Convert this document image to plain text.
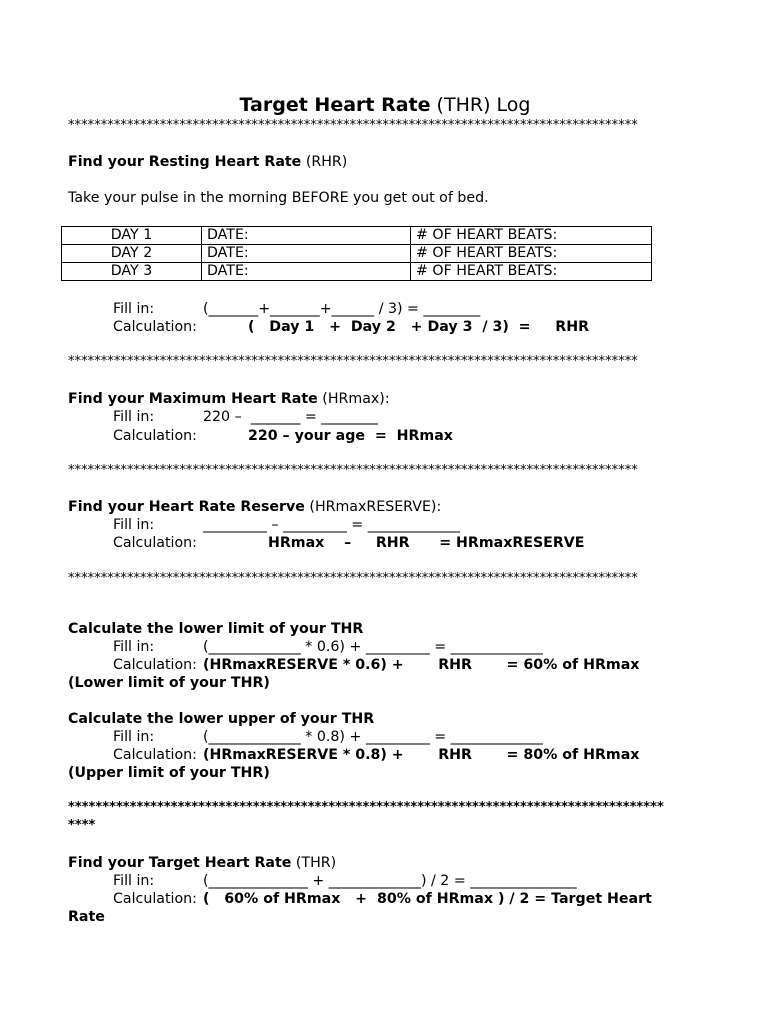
Target Heart Rate (THR) Log
***************************************************************************************
Find your Resting Heart Rate (RHR)
Take your pulse in the morning BEFORE you get out of bed.
DAY 1	DATE:	# OF HEART BEATS:
DAY 2	DATE:	# OF HEART BEATS:
DAY 3	DATE:	# OF HEART BEATS:
Fill in:	(_______+_______+______ / 3) = ________
Calculation:	(   Day 1   +  Day 2   + Day 3  / 3)  =     RHR
***************************************************************************************
Find your Maximum Heart Rate (HRmax):
Fill in:	220 –  _______ = ________
Calculation:	220 – your age  =  HRmax
***************************************************************************************
Find your Heart Rate Reserve (HRmaxRESERVE):
Fill in:	_________ – _________ = _____________
Calculation:	HRmax    –     RHR      = HRmaxRESERVE
***************************************************************************************
Calculate the lower limit of your THR
Fill in:	(_____________ * 0.6) + _________ = _____________
Calculation: (HRmaxRESERVE * 0.6) +       RHR       = 60% of HRmax
(Lower limit of your THR)
Calculate the lower upper of your THR
Fill in:	(_____________ * 0.8) + _________ = _____________
Calculation: (HRmaxRESERVE * 0.8) +       RHR       = 80% of HRmax
(Upper limit of your THR)
***************************************************************************************
****
Find your Target Heart Rate (THR)
Fill in:	(______________ + _____________) / 2 = _______________
Calculation: (   60% of HRmax   +  80% of HRmax ) / 2 = Target Heart
Rate
